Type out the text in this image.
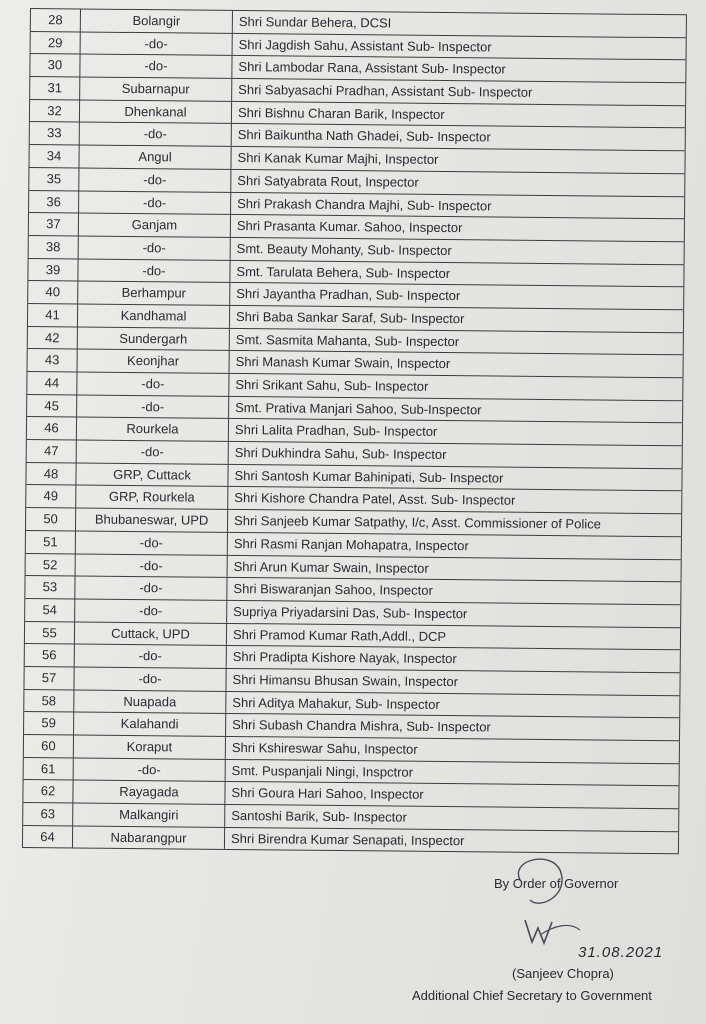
28	Bolangir	Shri Sundar Behera, DCSI
29	-do-	Shri Jagdish Sahu, Assistant Sub- Inspector
30	-do-	Shri Lambodar Rana, Assistant Sub- Inspector
31	Subarnapur	Shri Sabyasachi Pradhan, Assistant Sub- Inspector
32	Dhenkanal	Shri Bishnu Charan Barik, Inspector
33	-do-	Shri Baikuntha Nath Ghadei, Sub- Inspector
34	Angul	Shri Kanak Kumar Majhi, Inspector
35	-do-	Shri Satyabrata Rout, Inspector
36	-do-	Shri Prakash Chandra Majhi, Sub- Inspector
37	Ganjam	Shri Prasanta Kumar. Sahoo, Inspector
38	-do-	Smt. Beauty Mohanty, Sub- Inspector
39	-do-	Smt. Tarulata Behera, Sub- Inspector
40	Berhampur	Shri Jayantha Pradhan, Sub- Inspector
41	Kandhamal	Shri Baba Sankar Saraf, Sub- Inspector
42	Sundergarh	Smt. Sasmita Mahanta, Sub- Inspector
43	Keonjhar	Shri Manash Kumar Swain, Inspector
44	-do-	Shri Srikant Sahu, Sub- Inspector
45	-do-	Smt. Prativa Manjari Sahoo, Sub-Inspector
46	Rourkela	Shri Lalita Pradhan, Sub- Inspector
47	-do-	Shri Dukhindra Sahu, Sub- Inspector
48	GRP, Cuttack	Shri Santosh Kumar Bahinipati, Sub- Inspector
49	GRP, Rourkela	Shri Kishore Chandra Patel, Asst. Sub- Inspector
50	Bhubaneswar, UPD	Shri Sanjeeb Kumar Satpathy, I/c, Asst. Commissioner of Police
51	-do-	Shri Rasmi Ranjan Mohapatra, Inspector
52	-do-	Shri Arun Kumar Swain, Inspector
53	-do-	Shri Biswaranjan Sahoo, Inspector
54	-do-	Supriya Priyadarsini Das, Sub- Inspector
55	Cuttack, UPD	Shri Pramod Kumar Rath,Addl., DCP
56	-do-	Shri Pradipta Kishore Nayak, Inspector
57	-do-	Shri Himansu Bhusan Swain, Inspector
58	Nuapada	Shri Aditya Mahakur, Sub- Inspector
59	Kalahandi	Shri Subash Chandra Mishra, Sub- Inspector
60	Koraput	Shri Kshireswar Sahu, Inspector
61	-do-	Smt. Puspanjali Ningi, Inspctror
62	Rayagada	Shri Goura Hari Sahoo, Inspector
63	Malkangiri	Santoshi Barik, Sub- Inspector
64	Nabarangpur	Shri Birendra Kumar Senapati, Inspector
By Order of Governor
31.08.2021
(Sanjeev Chopra)
Additional Chief Secretary to Government
